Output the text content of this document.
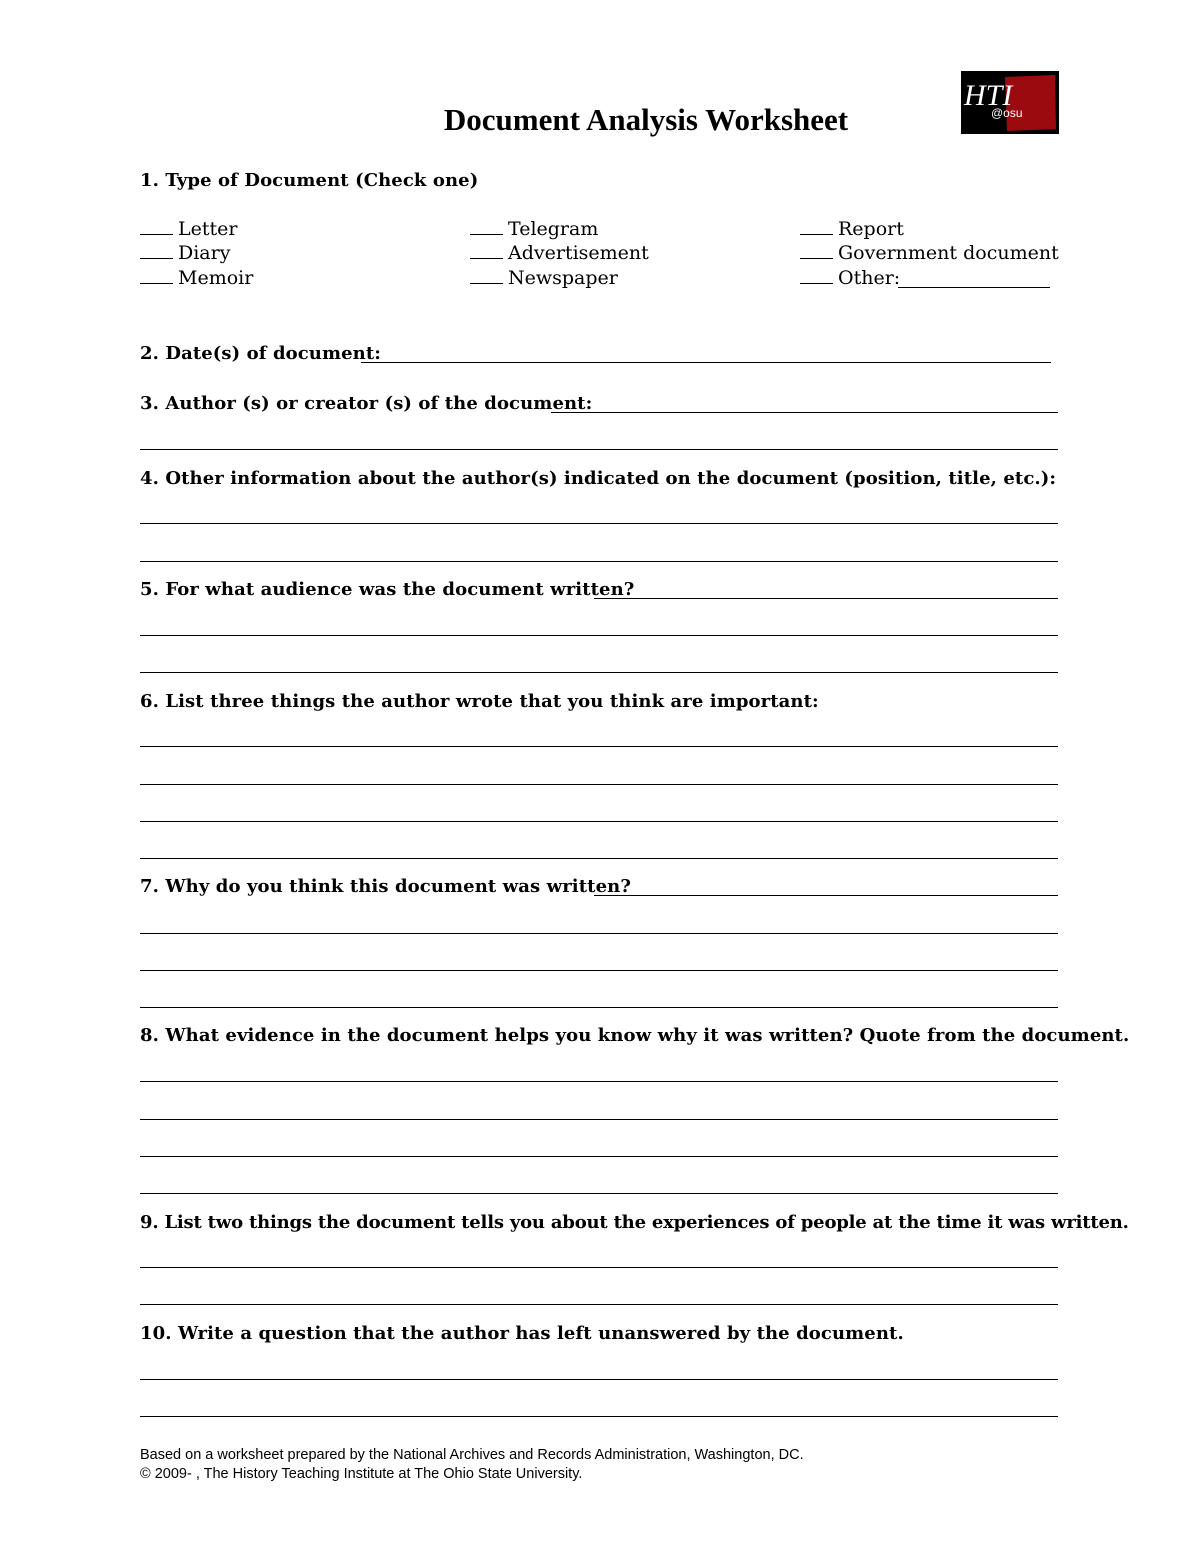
Document Analysis Worksheet
HTI
@osu
1. Type of Document (Check one)
Letter
Diary
Memoir
Telegram
Advertisement
Newspaper
Report
Government document
Other:
2. Date(s) of document:
3. Author (s) or creator (s) of the document:
4. Other information about the author(s) indicated on the document (position, title, etc.):
5. For what audience was the document written?
6. List three things the author wrote that you think are important:
7. Why do you think this document was written?
8. What evidence in the document helps you know why it was written? Quote from the document.
9. List two things the document tells you about the experiences of people at the time it was written.
10. Write a question that the author has left unanswered by the document.
Based on a worksheet prepared by the National Archives and Records Administration, Washington, DC.
© 2009- , The History Teaching Institute at The Ohio State University.
